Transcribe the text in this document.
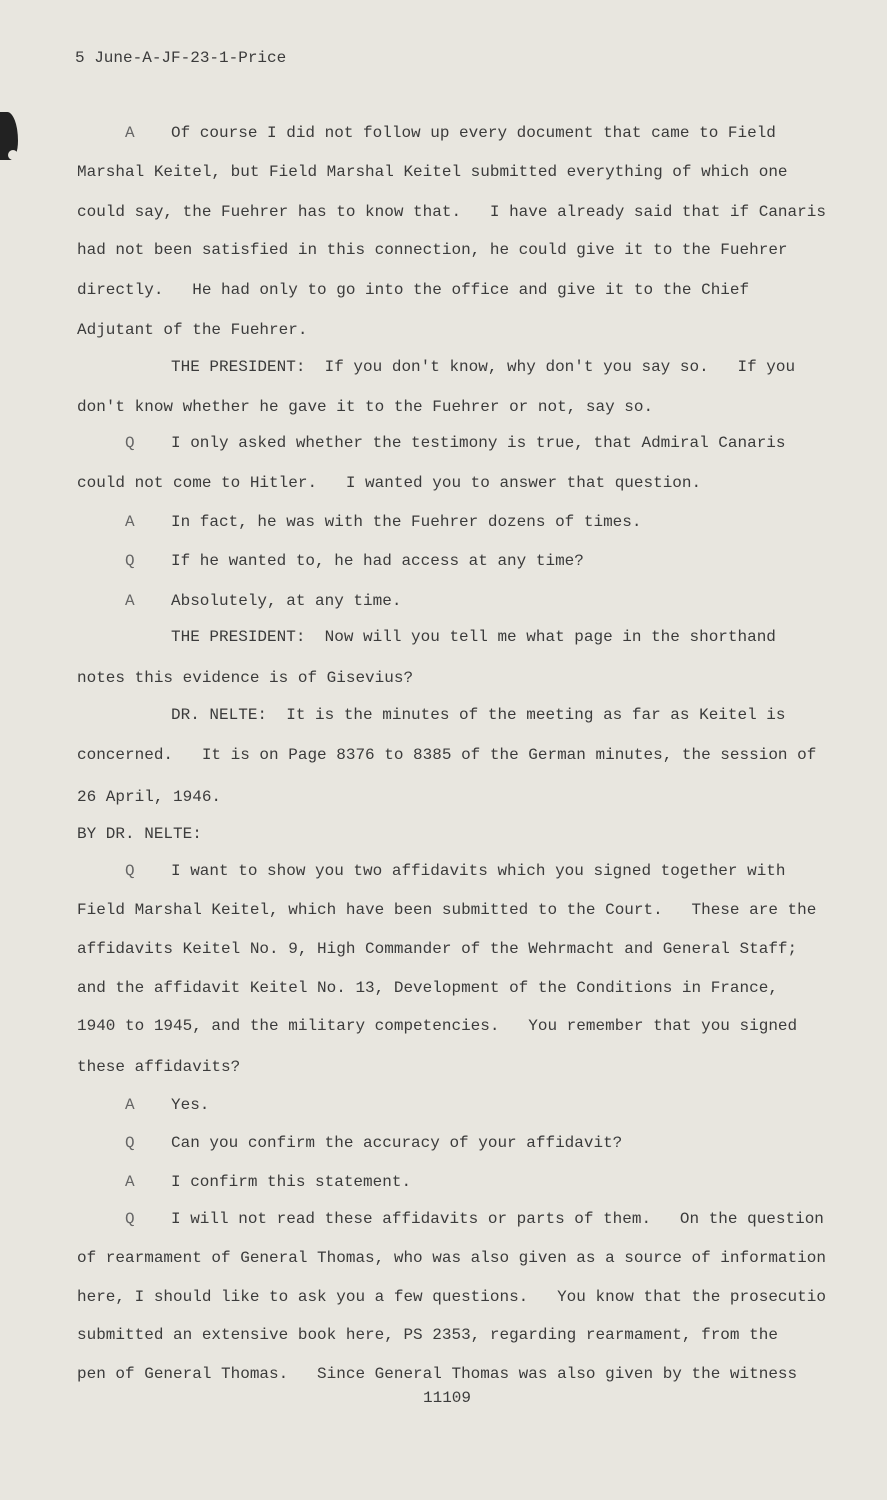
5 June-A-JF-23-1-Price
A Of course I did not follow up every document that came to Field
Marshal Keitel, but Field Marshal Keitel submitted everything of which one
could say, the Fuehrer has to know that.   I have already said that if Canaris
had not been satisfied in this connection, he could give it to the Fuehrer
directly.   He had only to go into the office and give it to the Chief
Adjutant of the Fuehrer.
THE PRESIDENT:  If you don't know, why don't you say so.   If you
don't know whether he gave it to the Fuehrer or not, say so.
Q I only asked whether the testimony is true, that Admiral Canaris
could not come to Hitler.   I wanted you to answer that question.
A In fact, he was with the Fuehrer dozens of times.
Q If he wanted to, he had access at any time?
A Absolutely, at any time.
THE PRESIDENT:  Now will you tell me what page in the shorthand
notes this evidence is of Gisevius?
DR. NELTE:  It is the minutes of the meeting as far as Keitel is
concerned.   It is on Page 8376 to 8385 of the German minutes, the session of
26 April, 1946.
BY DR. NELTE:
Q I want to show you two affidavits which you signed together with
Field Marshal Keitel, which have been submitted to the Court.   These are the
affidavits Keitel No. 9, High Commander of the Wehrmacht and General Staff;
and the affidavit Keitel No. 13, Development of the Conditions in France,
1940 to 1945, and the military competencies.   You remember that you signed
these affidavits?
A Yes.
Q Can you confirm the accuracy of your affidavit?
A I confirm this statement.
Q I will not read these affidavits or parts of them.   On the question
of rearmament of General Thomas, who was also given as a source of information
here, I should like to ask you a few questions.   You know that the prosecutio
submitted an extensive book here, PS 2353, regarding rearmament, from the
pen of General Thomas.   Since General Thomas was also given by the witness
11109
